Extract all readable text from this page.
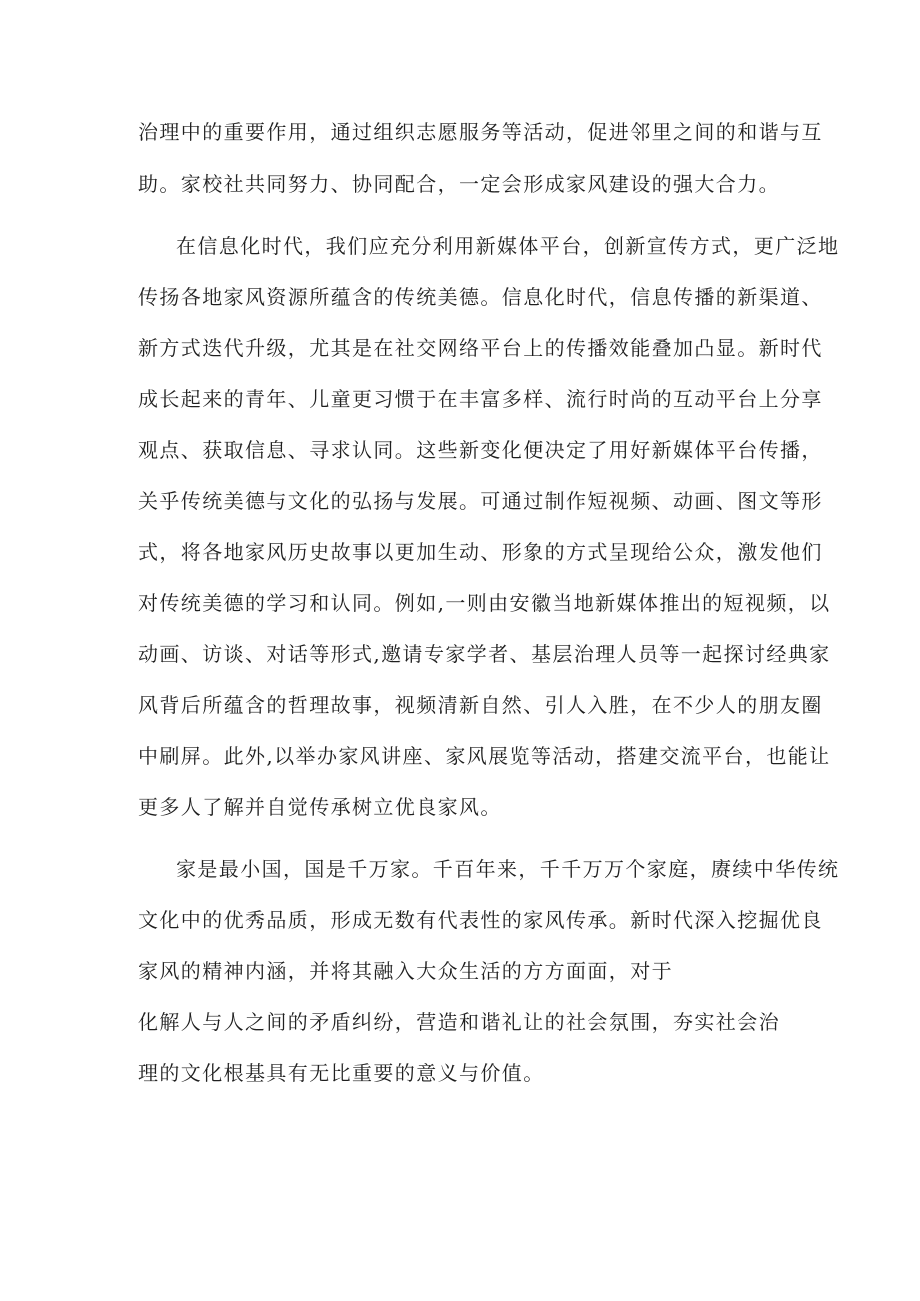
治理中的重要作用，通过组织志愿服务等活动，促进邻里之间的和谐与互
助。家校社共同努力、协同配合，一定会形成家风建设的强大合力。
在信息化时代，我们应充分利用新媒体平台，创新宣传方式，更广泛地
传扬各地家风资源所蕴含的传统美德。信息化时代，信息传播的新渠道、
新方式迭代升级，尤其是在社交网络平台上的传播效能叠加凸显。新时代
成长起来的青年、儿童更习惯于在丰富多样、流行时尚的互动平台上分享
观点、获取信息、寻求认同。这些新变化便决定了用好新媒体平台传播，
关乎传统美德与文化的弘扬与发展。可通过制作短视频、动画、图文等形
式，将各地家风历史故事以更加生动、形象的方式呈现给公众，激发他们
对传统美德的学习和认同。例如,一则由安徽当地新媒体推出的短视频，以
动画、访谈、对话等形式,邀请专家学者、基层治理人员等一起探讨经典家
风背后所蕴含的哲理故事，视频清新自然、引人入胜，在不少人的朋友圈
中刷屏。此外,以举办家风讲座、家风展览等活动，搭建交流平台，也能让
更多人了解并自觉传承树立优良家风。
家是最小国，国是千万家。千百年来，千千万万个家庭，赓续中华传统
文化中的优秀品质，形成无数有代表性的家风传承。新时代深入挖掘优良
家风的精神内涵，并将其融入大众生活的方方面面，对于
化解人与人之间的矛盾纠纷，营造和谐礼让的社会氛围，夯实社会治
理的文化根基具有无比重要的意义与价值。
